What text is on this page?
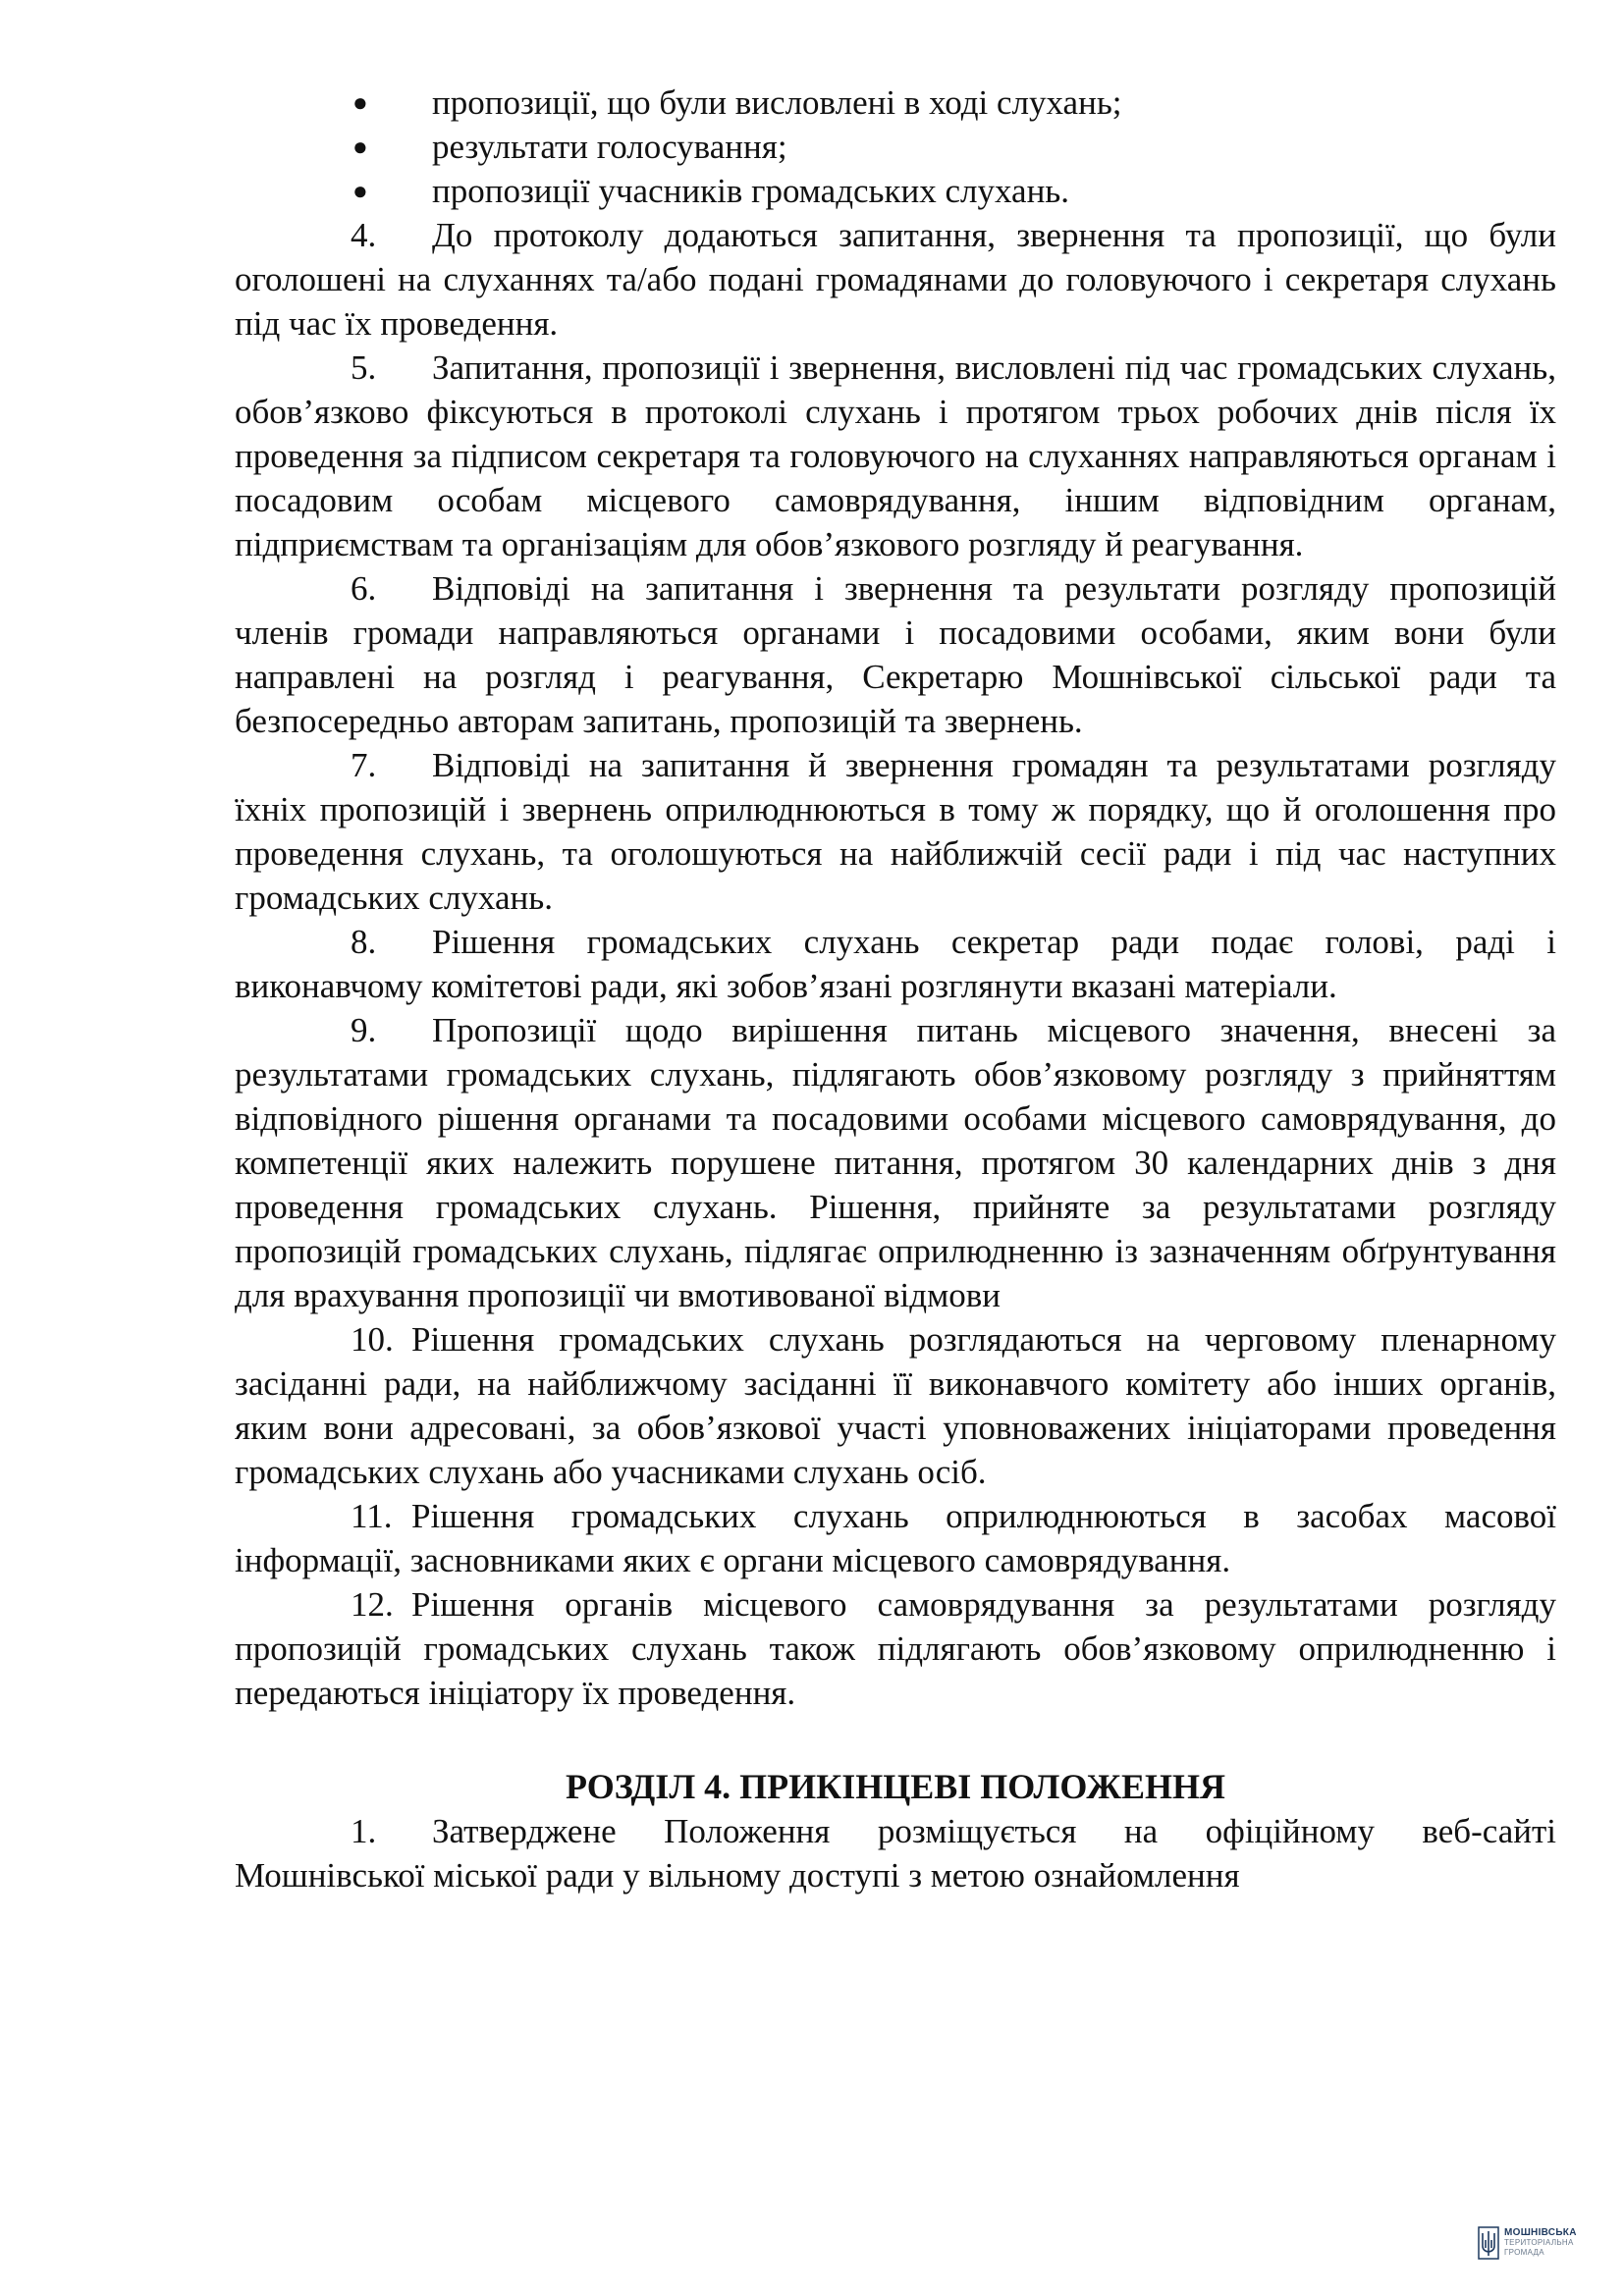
● пропозиції, що були висловлені в ході слухань;
● результати голосування;
● пропозиції учасників громадських слухань.

4. До протоколу додаються запитання, звернення та пропозиції, що були оголошені на слуханнях та/або подані громадянами до головуючого і секретаря слухань під час їх проведення.

5. Запитання, пропозиції і звернення, висловлені під час громадських слухань, обов’язково фіксуються в протоколі слухань і протягом трьох робочих днів після їх проведення за підписом секретаря та головуючого на слуханнях направляються органам і посадовим особам місцевого самоврядування, іншим відповідним органам, підприємствам та організаціям для обов’язкового розгляду й реагування.

6. Відповіді на запитання і звернення та результати розгляду пропозицій членів громади направляються органами і посадовими особами, яким вони були направлені на розгляд і реагування, Секретарю Мошнівської сільської ради та безпосередньо авторам запитань, пропозицій та звернень.

7. Відповіді на запитання й звернення громадян та результатами розгляду їхніх пропозицій і звернень оприлюднюються в тому ж порядку, що й оголошення про проведення слухань, та оголошуються на найближчій сесії ради і під час наступних громадських слухань.

8. Рішення громадських слухань секретар ради подає голові, раді і виконавчому комітетові ради, які зобов’язані розглянути вказані матеріали.

9. Пропозиції щодо вирішення питань місцевого значення, внесені за результатами громадських слухань, підлягають обов’язковому розгляду з прийняттям відповідного рішення органами та посадовими особами місцевого самоврядування, до компетенції яких належить порушене питання, протягом 30 календарних днів з дня проведення громадських слухань. Рішення, прийняте за результатами розгляду пропозицій громадських слухань, підлягає оприлюдненню із зазначенням обґрунтування для врахування пропозиції чи вмотивованої відмови

10. Рішення громадських слухань розглядаються на черговому пленарному засіданні ради, на найближчому засіданні її виконавчого комітету або інших органів, яким вони адресовані, за обов’язкової участі уповноважених ініціаторами проведення громадських слухань або учасниками слухань осіб.

11. Рішення громадських слухань оприлюднюються в засобах масової інформації, засновниками яких є органи місцевого самоврядування.

12. Рішення органів місцевого самоврядування за результатами розгляду пропозицій громадських слухань також підлягають обов’язковому оприлюдненню і передаються ініціатору їх проведення.

РОЗДІЛ 4. ПРИКІНЦЕВІ ПОЛОЖЕННЯ

1. Затверджене Положення розміщується на офіційному веб-сайті Мошнівської міської ради у вільному доступі з метою ознайомлення

МОШНІВСЬКА
ТЕРИТОРІАЛЬНА
ГРОМАДА
